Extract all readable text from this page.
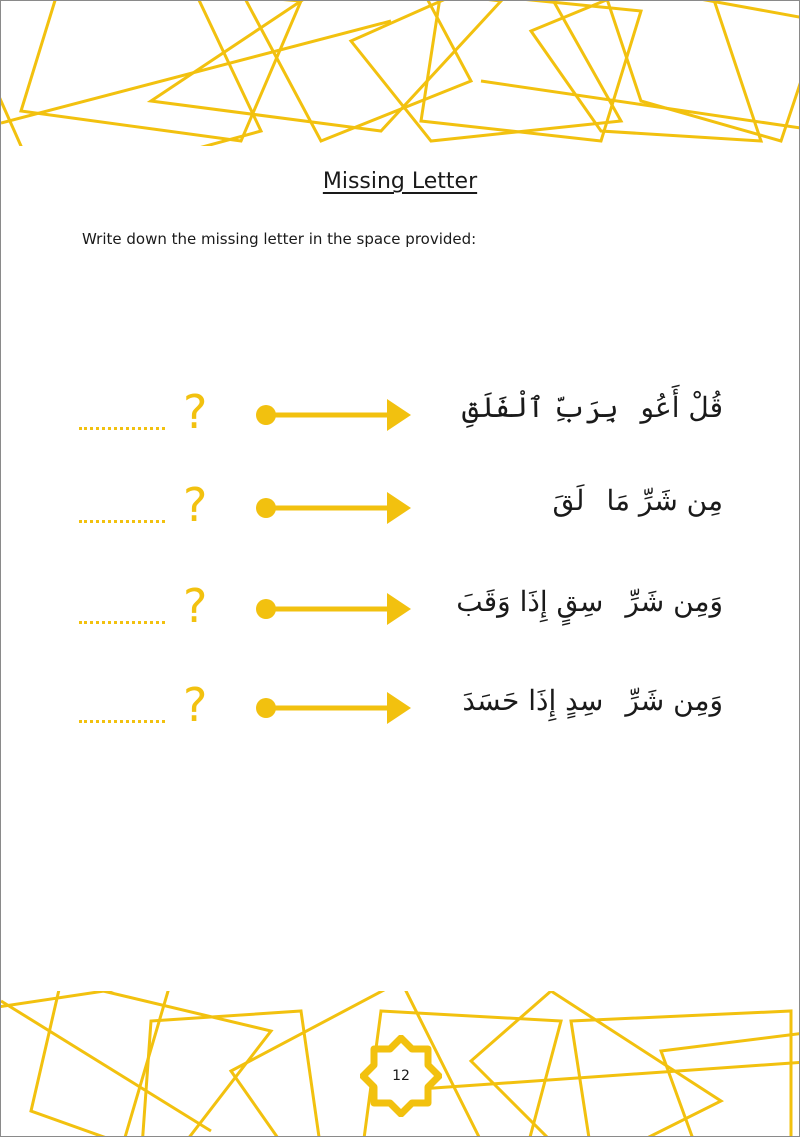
Missing Letter

Write down the missing letter in the space provided:

?	قُلْ أَعُوبِرَبِّ ٱلْفَلَقِ
?	مِن شَرِّ مَالَقَ
?	وَمِن شَرِّسِقٍ إِذَا وَقَبَ
?	وَمِن شَرِّسِدٍ إِذَا حَسَدَ
12
